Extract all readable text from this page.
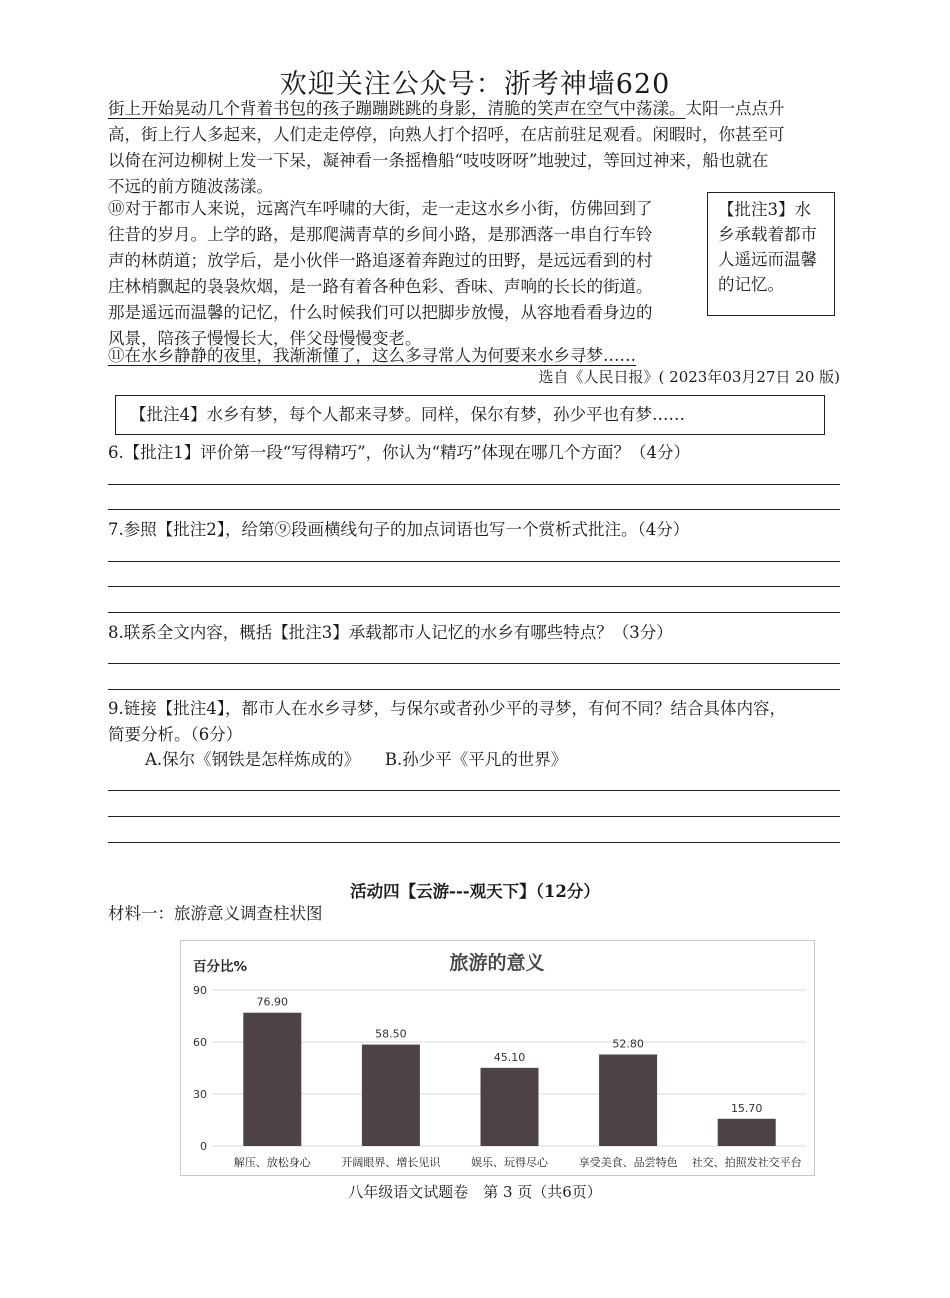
欢迎关注公众号：浙考神墙620
街上开始晃动几个背着书包的孩子蹦蹦跳跳的身影，清脆的笑声在空气中荡漾。太阳一点点升
高，街上行人多起来，人们走走停停，向熟人打个招呼，在店前驻足观看。闲暇时，你甚至可
以倚在河边柳树上发一下呆，凝神看一条摇橹船“吱吱呀呀”地驶过，等回过神来，船也就在
不远的前方随波荡漾。
⑩对于都市人来说，远离汽车呼啸的大街，走一走这水乡小街，仿佛回到了
往昔的岁月。上学的路，是那爬满青草的乡间小路，是那洒落一串自行车铃
声的林荫道；放学后，是小伙伴一路追逐着奔跑过的田野，是远远看到的村
庄林梢飘起的袅袅炊烟，是一路有着各种色彩、香味、声响的长长的街道。
那是遥远而温馨的记忆，什么时候我们可以把脚步放慢，从容地看看身边的
风景，陪孩子慢慢长大，伴父母慢慢变老。
⑪在水乡静静的夜里，我渐渐懂了，这么多寻常人为何要来水乡寻梦……
【批注3】水乡承载着都市人遥远而温馨的记忆。
选自《人民日报》( 2023年03月27日 20 版)
【批注4】水乡有梦，每个人都来寻梦。同样，保尔有梦，孙少平也有梦……
6.【批注1】评价第一段“写得精巧”，你认为“精巧”体现在哪几个方面？（4分）
7.参照【批注2】，给第⑨段画横线句子的加点词语也写一个赏析式批注。（4分）
8.联系全文内容，概括【批注3】承载都市人记忆的水乡有哪些特点？（3分）
9.链接【批注4】，都市人在水乡寻梦，与保尔或者孙少平的寻梦，有何不同？结合具体内容，
简要分析。（6分）
A.保尔《钢铁是怎样炼成的》　　B.孙少平《平凡的世界》
活动四【云游---观天下】（12分）
材料一：旅游意义调查柱状图
百分比%	旅游的意义
0
30
60
90
76.90
解压、放松身心
58.50
开阔眼界、增长见识
45.10
娱乐、玩得尽心
52.80
享受美食、品尝特色
15.70
社交、拍照发社交平台
八年级语文试题卷　第 3 页（共6页）
